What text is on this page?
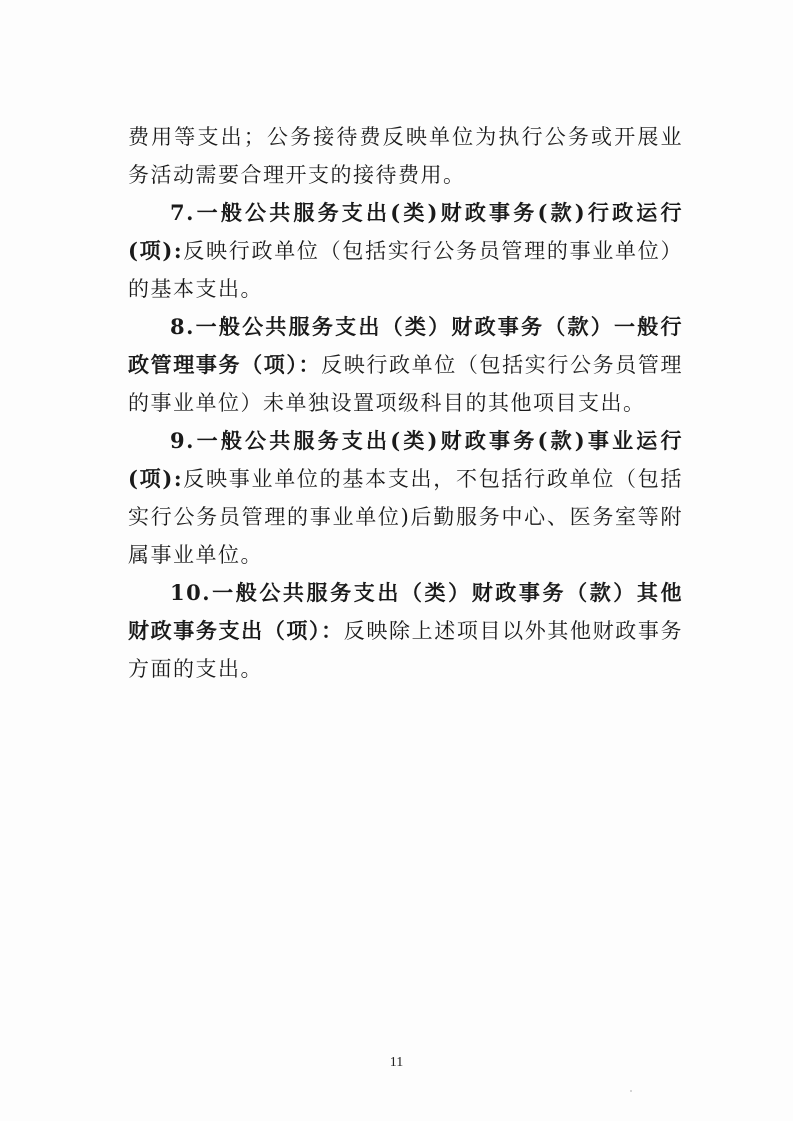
费用等支出；公务接待费反映单位为执行公务或开展业务活动需要合理开支的接待费用。

7.一般公共服务支出(类)财政事务(款)行政运行(项):反映行政单位（包括实行公务员管理的事业单位）的基本支出。

8.一般公共服务支出（类）财政事务（款）一般行政管理事务（项）：反映行政单位（包括实行公务员管理的事业单位）未单独设置项级科目的其他项目支出。

9.一般公共服务支出(类)财政事务(款)事业运行(项):反映事业单位的基本支出，不包括行政单位（包括实行公务员管理的事业单位)后勤服务中心、医务室等附属事业单位。

10.一般公共服务支出（类）财政事务（款）其他财政事务支出（项）：反映除上述项目以外其他财政事务方面的支出。

11
